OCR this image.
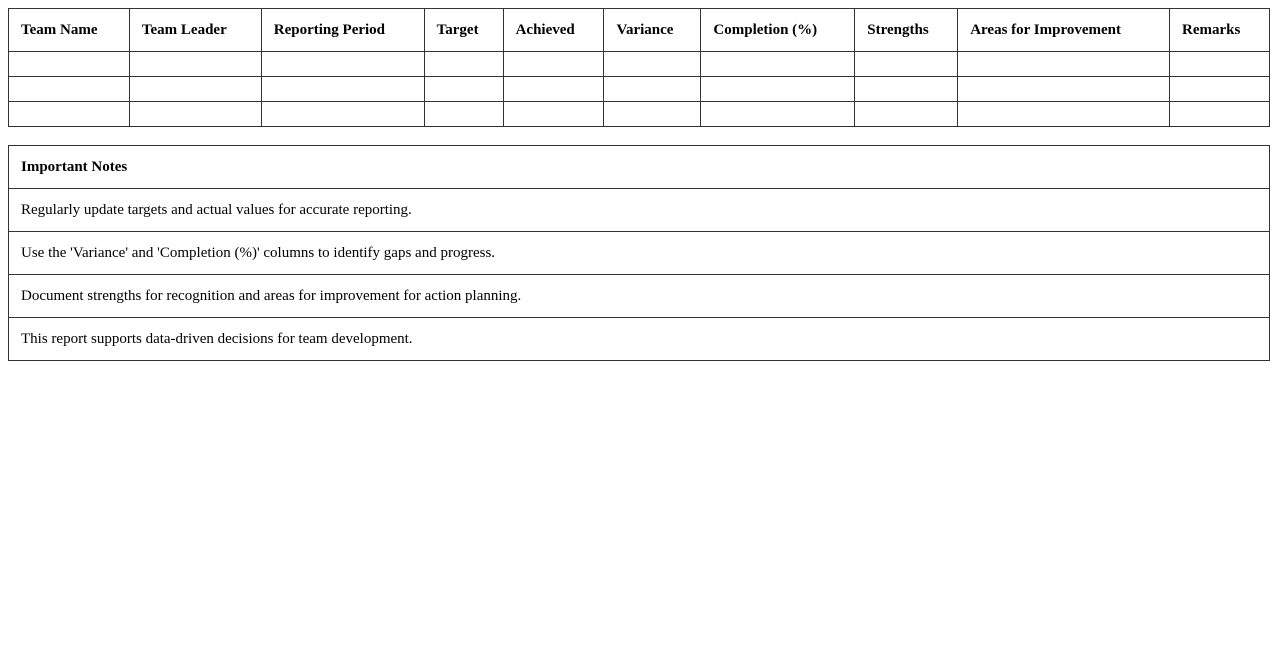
Team Name	Team Leader	Reporting Period	Target	Achieved	Variance	Completion (%)	Strengths	Areas for Improvement	Remarks

Important Notes
Regularly update targets and actual values for accurate reporting.
Use the 'Variance' and 'Completion (%)' columns to identify gaps and progress.
Document strengths for recognition and areas for improvement for action planning.
This report supports data-driven decisions for team development.
